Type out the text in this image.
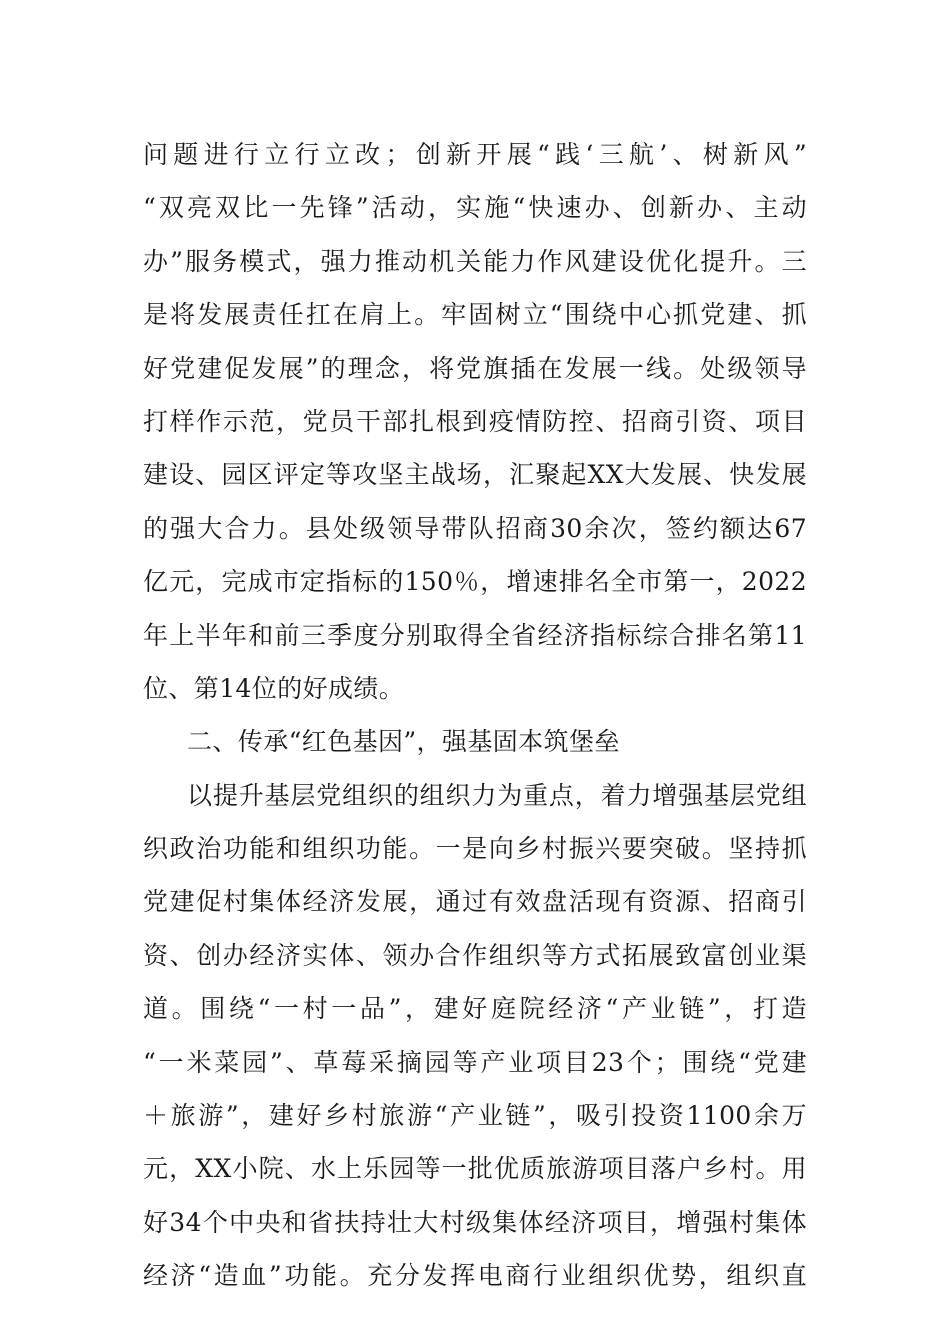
问题进行立行立改；创新开展“践‘三航’、树新风”
“双亮双比一先锋”活动，实施“快速办、创新办、主动
办”服务模式，强力推动机关能力作风建设优化提升。三
是将发展责任扛在肩上。牢固树立“围绕中心抓党建、抓
好党建促发展”的理念，将党旗插在发展一线。处级领导
打样作示范，党员干部扎根到疫情防控、招商引资、项目
建设、园区评定等攻坚主战场，汇聚起XX大发展、快发展
的强大合力。县处级领导带队招商30余次，签约额达67
亿元，完成市定指标的150％，增速排名全市第一，2022
年上半年和前三季度分别取得全省经济指标综合排名第11
位、第14位的好成绩。
二、传承“红色基因”，强基固本筑堡垒
以提升基层党组织的组织力为重点，着力增强基层党组
织政治功能和组织功能。一是向乡村振兴要突破。坚持抓
党建促村集体经济发展，通过有效盘活现有资源、招商引
资、创办经济实体、领办合作组织等方式拓展致富创业渠
道。围绕“一村一品”，建好庭院经济“产业链”，打造
“一米菜园”、草莓采摘园等产业项目23个；围绕“党建
＋旅游”，建好乡村旅游“产业链”，吸引投资1100余万
元，XX小院、水上乐园等一批优质旅游项目落户乡村。用
好34个中央和省扶持壮大村级集体经济项目，增强村集体
经济“造血”功能。充分发挥电商行业组织优势，组织直
